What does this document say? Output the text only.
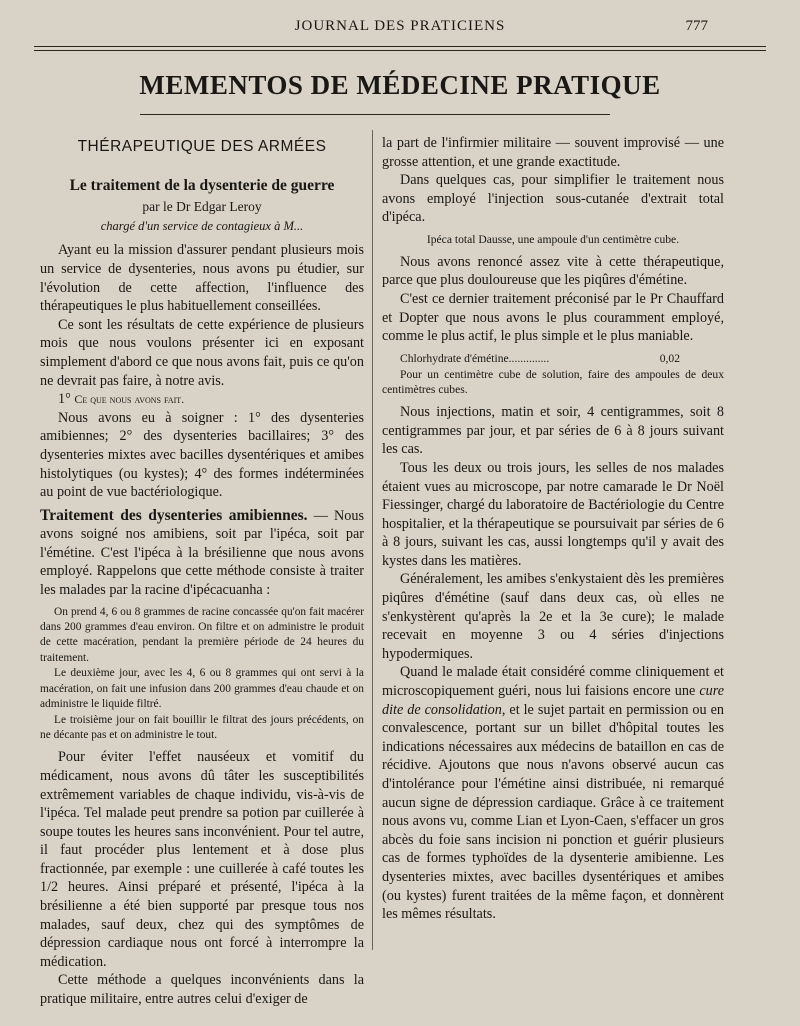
JOURNAL DES PRATICIENS	777
MEMENTOS DE MÉDECINE PRATIQUE
THÉRAPEUTIQUE DES ARMÉES
Le traitement de la dysenterie de guerre
par le Dr Edgar Leroy
chargé d'un service de contagieux à M...

Ayant eu la mission d'assurer pendant plusieurs mois un service de dysenteries, nous avons pu étudier, sur l'évolution de cette affection, l'influence des thérapeutiques le plus habituellement conseillées.

Ce sont les résultats de cette expérience de plusieurs mois que nous voulons présenter ici en exposant simplement d'abord ce que nous avons fait, puis ce qu'on ne devrait pas faire, à notre avis.

1° Ce que nous avons fait.

Nous avons eu à soigner : 1° des dysenteries amibiennes; 2° des dysenteries bacillaires; 3° des dysenteries mixtes avec bacilles dysentériques et amibes histolytiques (ou kystes); 4° des formes indéterminées au point de vue bactériologique.

Traitement des dysenteries amibiennes. — Nous avons soigné nos amibiens, soit par l'ipéca, soit par l'émétine. C'est l'ipéca à la brésilienne que nous avons employé. Rappelons que cette méthode consiste à traiter les malades par la racine d'ipécacuanha :

On prend 4, 6 ou 8 grammes de racine concassée qu'on fait macérer dans 200 grammes d'eau environ. On filtre et on administre le produit de cette macération, pendant la première période de 24 heures du traitement.

Le deuxième jour, avec les 4, 6 ou 8 grammes qui ont servi à la macération, on fait une infusion dans 200 grammes d'eau chaude et on administre le liquide filtré.

Le troisième jour on fait bouillir le filtrat des jours précédents, on ne décante pas et on administre le tout.

Pour éviter l'effet nauséeux et vomitif du médicament, nous avons dû tâter les susceptibilités extrêmement variables de chaque individu, vis-à-vis de l'ipéca. Tel malade peut prendre sa potion par cuillerée à soupe toutes les heures sans inconvénient. Pour tel autre, il faut procéder plus lentement et à dose plus fractionnée, par exemple : une cuillerée à café toutes les 1/2 heures. Ainsi préparé et présenté, l'ipéca à la brésilienne a été bien supporté par presque tous nos malades, sauf deux, chez qui des symptômes de dépression cardiaque nous ont forcé à interrompre la médication.

Cette méthode a quelques inconvénients dans la pratique militaire, entre autres celui d'exiger de

la part de l'infirmier militaire — souvent improvisé — une grosse attention, et une grande exactitude.

Dans quelques cas, pour simplifier le traitement nous avons employé l'injection sous-cutanée d'extrait total d'ipéca.

Ipéca total Dausse, une ampoule d'un centimètre cube.

Nous avons renoncé assez vite à cette thérapeutique, parce que plus douloureuse que les piqûres d'émétine.

C'est ce dernier traitement préconisé par le Pr Chauffard et Dopter que nous avons le plus couramment employé, comme le plus actif, le plus simple et le plus maniable.

Chlorhydrate d'émétine..............	0,02
Pour un centimètre cube de solution, faire des ampoules de deux centimètres cubes.

Nous injections, matin et soir, 4 centigrammes, soit 8 centigrammes par jour, et par séries de 6 à 8 jours suivant les cas.

Tous les deux ou trois jours, les selles de nos malades étaient vues au microscope, par notre camarade le Dr Noël Fiessinger, chargé du laboratoire de Bactériologie du Centre hospitalier, et la thérapeutique se poursuivait par séries de 6 à 8 jours, suivant les cas, aussi longtemps qu'il y avait des kystes dans les matières.

Généralement, les amibes s'enkystaient dès les premières piqûres d'émétine (sauf dans deux cas, où elles ne s'enkystèrent qu'après la 2e et la 3e cure); le malade recevait en moyenne 3 ou 4 séries d'injections hypodermiques.

Quand le malade était considéré comme cliniquement et microscopiquement guéri, nous lui faisions encore une cure dite de consolidation, et le sujet partait en permission ou en convalescence, portant sur un billet d'hôpital toutes les indications nécessaires aux médecins de bataillon en cas de récidive. Ajoutons que nous n'avons observé aucun cas d'intolérance pour l'émétine ainsi distribuée, ni remarqué aucun signe de dépression cardiaque. Grâce à ce traitement nous avons vu, comme Lian et Lyon-Caen, s'effacer un gros abcès du foie sans incision ni ponction et guérir plusieurs cas de formes typhoïdes de la dysenterie amibienne. Les dysenteries mixtes, avec bacilles dysentériques et amibes (ou kystes) furent traitées de la même façon, et donnèrent les mêmes résultats.
